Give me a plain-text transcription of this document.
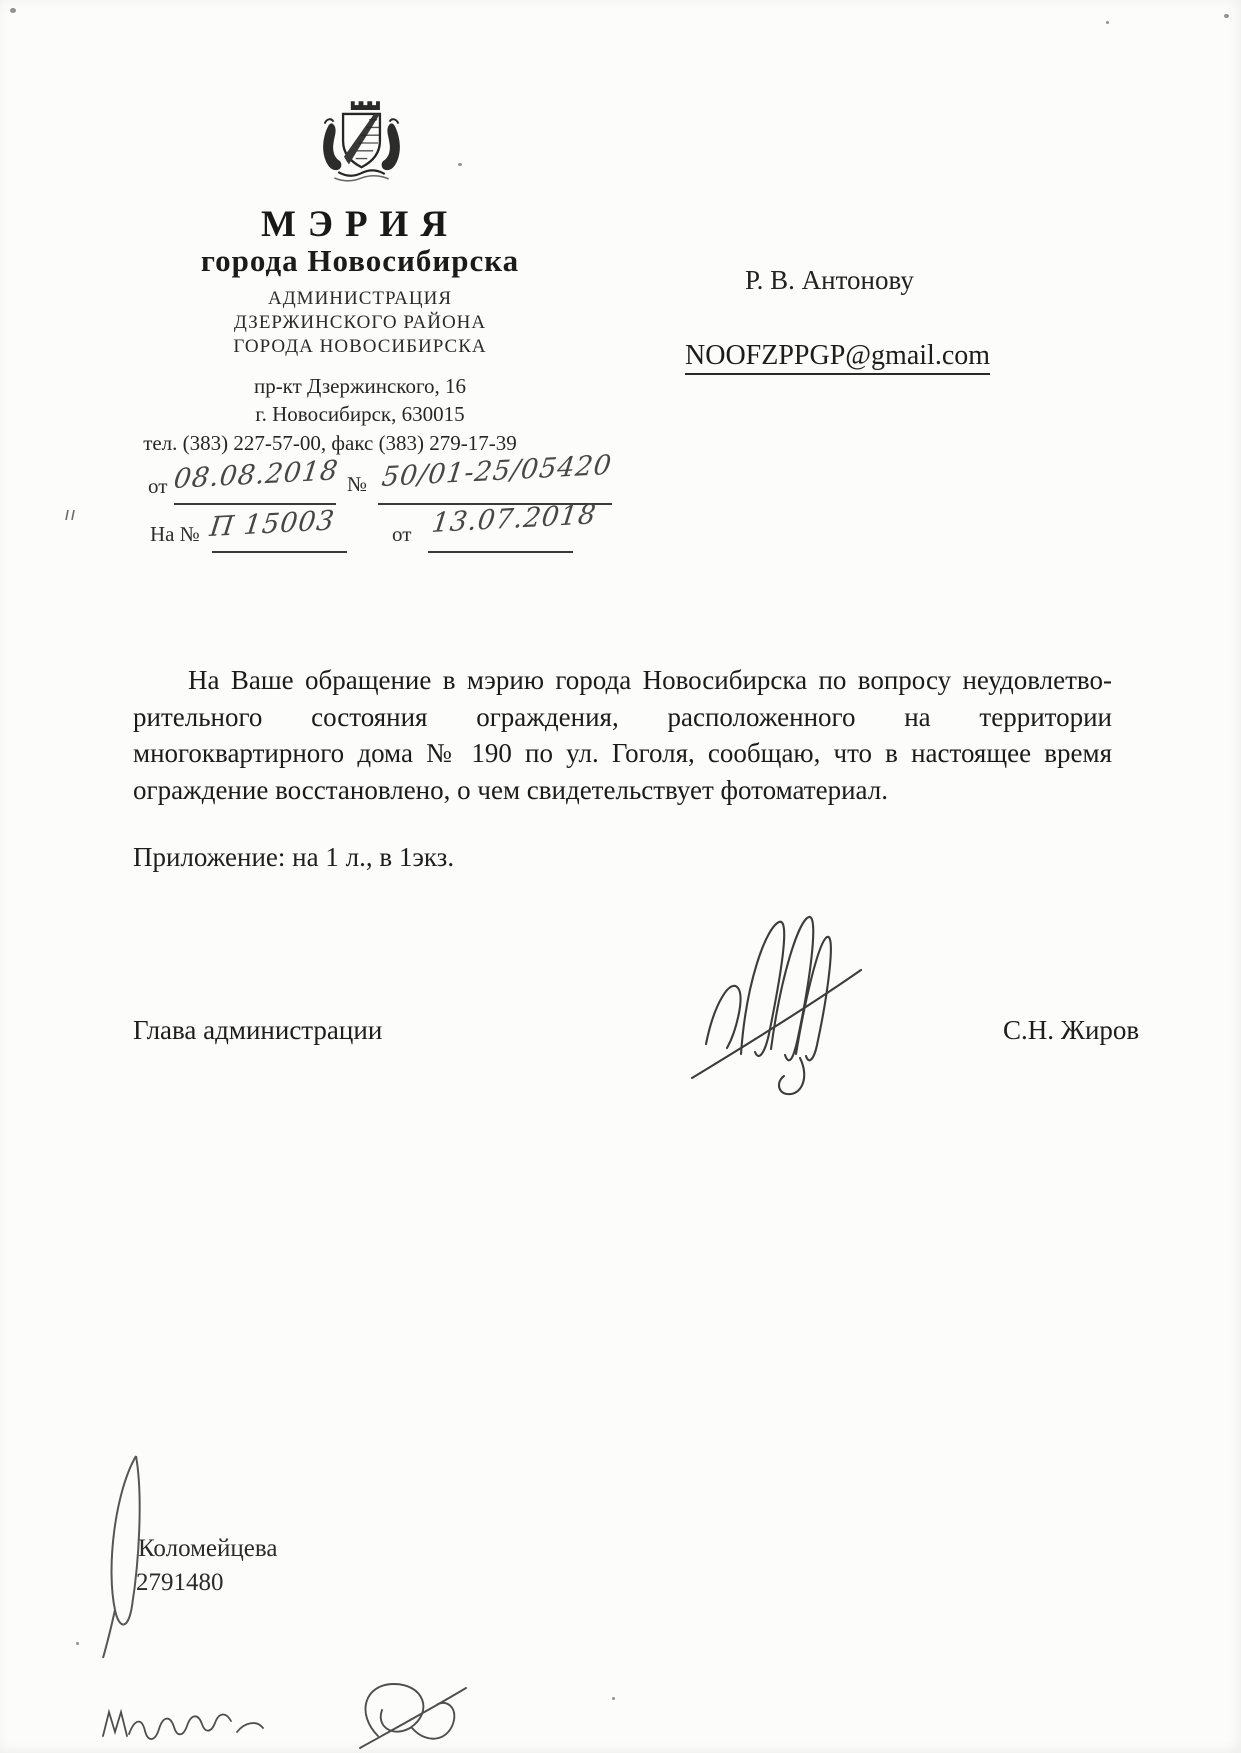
МЭРИЯ
города Новосибирска
АДМИНИСТРАЦИЯ
ДЗЕРЖИНСКОГО РАЙОНА
ГОРОДА НОВОСИБИРСКА
пр-кт Дзержинского, 16
г. Новосибирск, 630015
тел. (383) 227-57-00, факс (383) 279-17-39
от 08.08.2018 № 50/01-25/05420
На № П 15003	от 13.07.2018
Р. В. Антонову
NOOFZPPGP@gmail.com
На Ваше обращение в мэрию города Новосибирска по вопросу неудовлетво-
рительного состояния ограждения, расположенного на территории
многоквартирного дома № 190 по ул. Гоголя, сообщаю, что в настоящее время
ограждение восстановлено, о чем свидетельствует фотоматериал.
Приложение: на 1 л., в 1экз.
Глава администрации	С.Н. Жиров
Коломейцева
2791480
